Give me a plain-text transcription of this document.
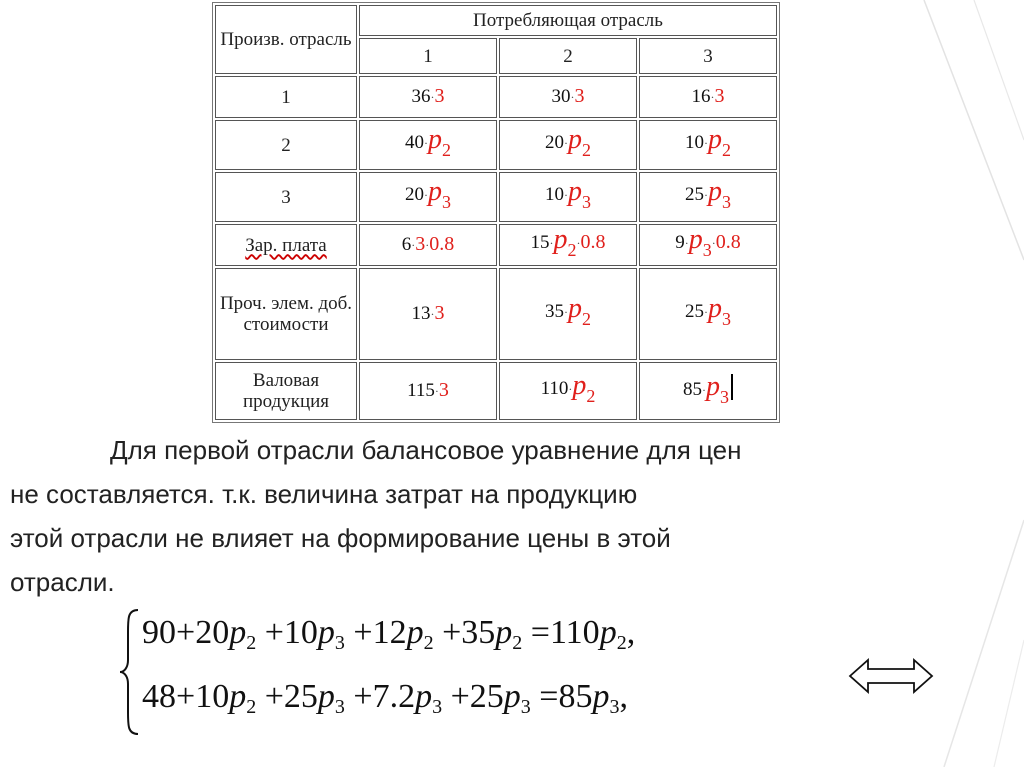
Произв. отрасль	Потребляющая отрасль		
	1	2	3
1	36·3	30·3	16·3
2	40·p2	20·p2	10·p2
3	20·p3	10·p3	25·p3
Зар. плата	6·3·0.8	15·p2·0.8	9·p3·0.8
Проч. элем. доб. стоимости	13·3	35·p2	25·p3
Валовая продукция	115·3	110·p2	85·p3
Для первой отрасли балансовое уравнение для цен
не составляется. т.к. величина затрат на продукцию
этой отрасли не влияет на формирование цены в этой
отрасли.
$90+20p_2 +10p_3 +12p_2 +35p_2 =110p_2$,
$48+10p_2 +25p_3 +7.2p_3 +25p_3 =85p_3$,
